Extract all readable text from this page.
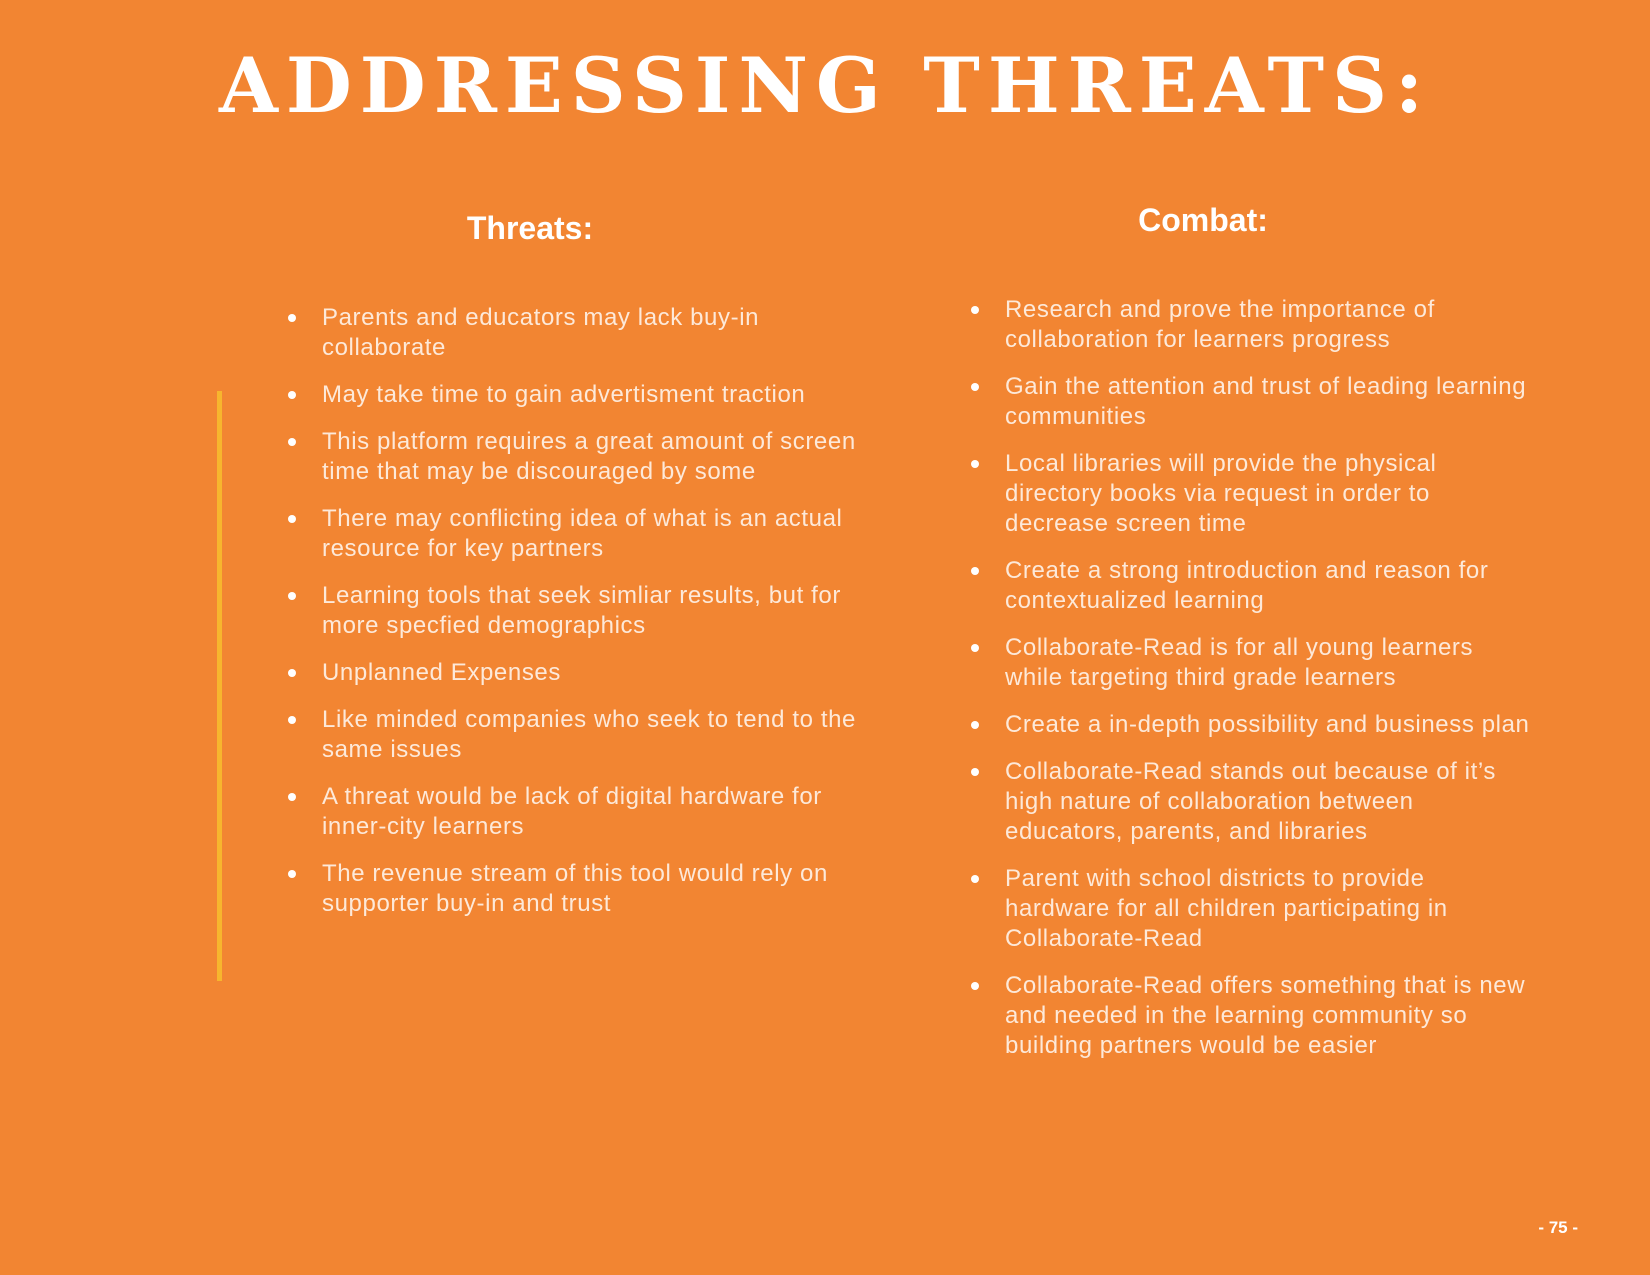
ADDRESSING THREATS:
Threats:
Parents and educators may lack buy-in collaborate
May take time to gain advertisment traction
This platform requires a great amount of screen time that may be discouraged by some
There may conflicting idea of what is an actual resource for key partners
Learning tools that seek simliar results, but for more specfied demographics
Unplanned Expenses
Like minded companies who seek to tend to the same issues
A threat would be lack of digital hardware for inner-city learners
The revenue stream of this tool would rely on supporter buy-in and trust
Combat:
Research and prove the importance of collaboration for learners progress
Gain the attention and trust of leading learning communities
Local libraries will provide the physical directory books via request in order to decrease screen time
Create a strong introduction and reason for contextualized learning
Collaborate-Read is for all young learners while targeting third grade learners
Create a in-depth possibility and business plan
Collaborate-Read stands out because of it’s high nature of collaboration between educators, parents, and libraries
Parent with school districts to provide hardware for all children participating in Collaborate-Read
Collaborate-Read offers something that is new and needed in the learning community so building partners would be easier
- 75 -
